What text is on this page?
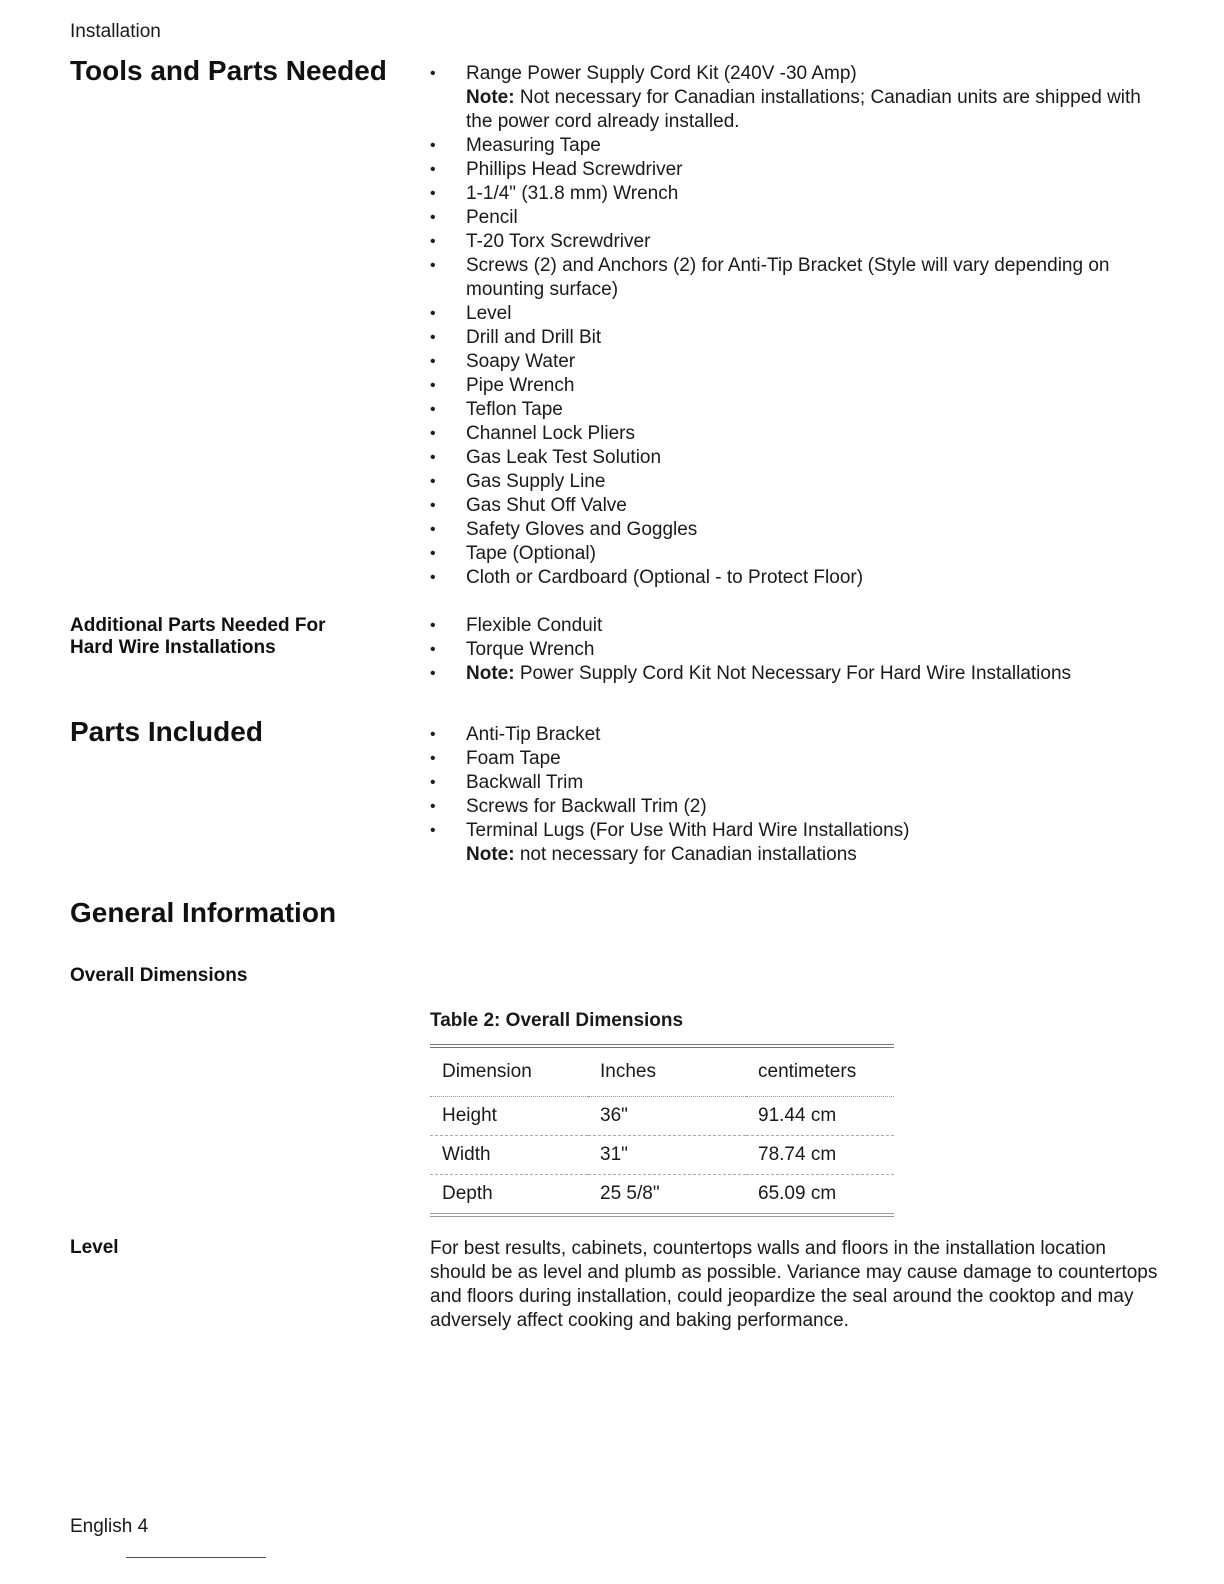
Installation
Tools and Parts Needed	• Range Power Supply Cord Kit (240V -30 Amp)
Note: Not necessary for Canadian installations; Canadian units are shipped with the power cord already installed.
• Measuring Tape
• Phillips Head Screwdriver
• 1-1/4" (31.8 mm) Wrench
• Pencil
• T-20 Torx Screwdriver
• Screws (2) and Anchors (2) for Anti-Tip Bracket (Style will vary depending on mounting surface)
• Level
• Drill and Drill Bit
• Soapy Water
• Pipe Wrench
• Teflon Tape
• Channel Lock Pliers
• Gas Leak Test Solution
• Gas Supply Line
• Gas Shut Off Valve
• Safety Gloves and Goggles
• Tape (Optional)
• Cloth or Cardboard (Optional - to Protect Floor)
Additional Parts Needed For
Hard Wire Installations
• Flexible Conduit
• Torque Wrench
• Note: Power Supply Cord Kit Not Necessary For Hard Wire Installations
Parts Included	• Anti-Tip Bracket
• Foam Tape
• Backwall Trim
• Screws for Backwall Trim (2)
• Terminal Lugs (For Use With Hard Wire Installations)
Note: not necessary for Canadian installations
General Information
Overall Dimensions
Table 2: Overall Dimensions
Dimension	Inches	centimeters
Height	36"	91.44 cm
Width	31"	78.74 cm
Depth	25 5/8"	65.09 cm
Level	For best results, cabinets, countertops walls and floors in the installation location should be as level and plumb as possible. Variance may cause damage to countertops and floors during installation, could jeopardize the seal around the cooktop and may adversely affect cooking and baking performance.

English 4
